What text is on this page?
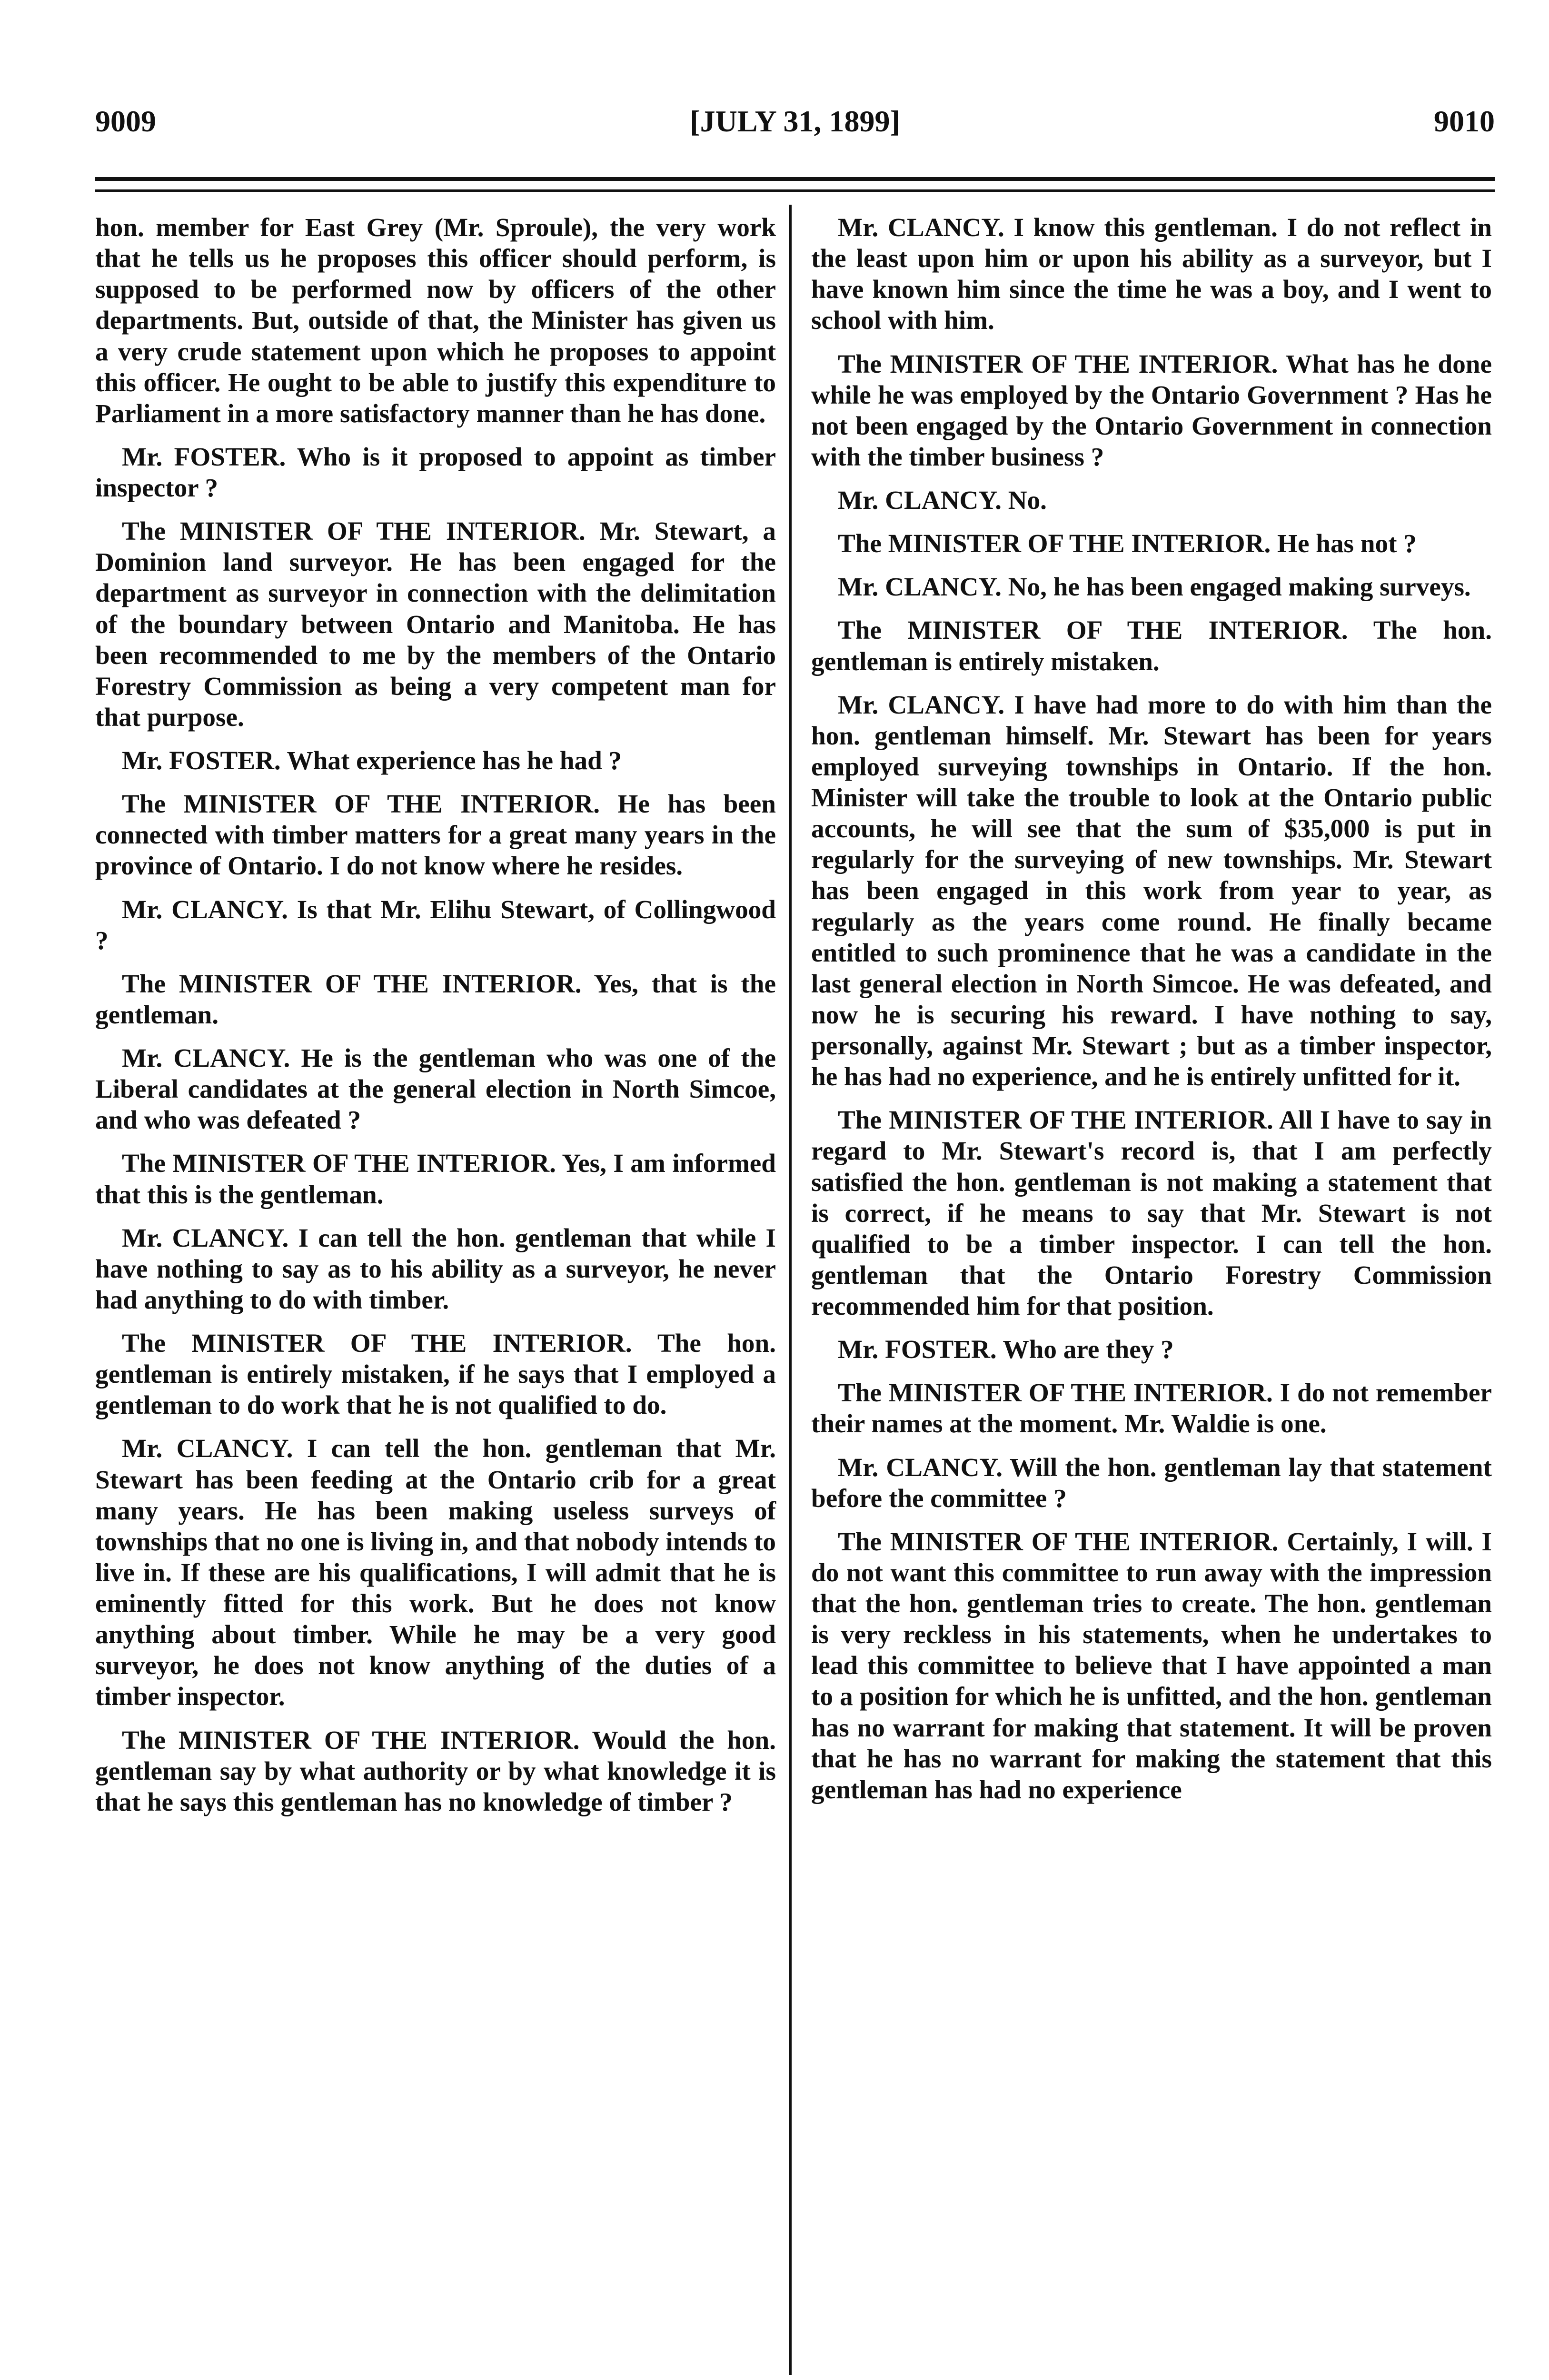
9009	[JULY 31, 1899]	9010

hon. member for East Grey (Mr. Sproule), the very work that he tells us he proposes this officer should perform, is supposed to be performed now by officers of the other departments. But, outside of that, the Minister has given us a very crude statement upon which he proposes to appoint this officer. He ought to be able to justify this expenditure to Parliament in a more satisfactory manner than he has done.

Mr. FOSTER. Who is it proposed to appoint as timber inspector ?

The MINISTER OF THE INTERIOR. Mr. Stewart, a Dominion land surveyor. He has been engaged for the department as surveyor in connection with the delimitation of the boundary between Ontario and Manitoba. He has been recommended to me by the members of the Ontario Forestry Commission as being a very competent man for that purpose.

Mr. FOSTER. What experience has he had ?

The MINISTER OF THE INTERIOR. He has been connected with timber matters for a great many years in the province of Ontario. I do not know where he resides.

Mr. CLANCY. Is that Mr. Elihu Stewart, of Collingwood ?

The MINISTER OF THE INTERIOR. Yes, that is the gentleman.

Mr. CLANCY. He is the gentleman who was one of the Liberal candidates at the general election in North Simcoe, and who was defeated ?

The MINISTER OF THE INTERIOR. Yes, I am informed that this is the gentleman.

Mr. CLANCY. I can tell the hon. gentleman that while I have nothing to say as to his ability as a surveyor, he never had anything to do with timber.

The MINISTER OF THE INTERIOR. The hon. gentleman is entirely mistaken, if he says that I employed a gentleman to do work that he is not qualified to do.

Mr. CLANCY. I can tell the hon. gentleman that Mr. Stewart has been feeding at the Ontario crib for a great many years. He has been making useless surveys of townships that no one is living in, and that nobody intends to live in. If these are his qualifications, I will admit that he is eminently fitted for this work. But he does not know anything about timber. While he may be a very good surveyor, he does not know anything of the duties of a timber inspector.

The MINISTER OF THE INTERIOR. Would the hon. gentleman say by what authority or by what knowledge it is that he says this gentleman has no knowledge of timber ?

Mr. CLANCY. I know this gentleman. I do not reflect in the least upon him or upon his ability as a surveyor, but I have known him since the time he was a boy, and I went to school with him.

The MINISTER OF THE INTERIOR. What has he done while he was employed by the Ontario Government ? Has he not been engaged by the Ontario Government in connection with the timber business ?

Mr. CLANCY. No.

The MINISTER OF THE INTERIOR. He has not ?

Mr. CLANCY. No, he has been engaged making surveys.

The MINISTER OF THE INTERIOR. The hon. gentleman is entirely mistaken.

Mr. CLANCY. I have had more to do with him than the hon. gentleman himself. Mr. Stewart has been for years employed surveying townships in Ontario. If the hon. Minister will take the trouble to look at the Ontario public accounts, he will see that the sum of $35,000 is put in regularly for the surveying of new townships. Mr. Stewart has been engaged in this work from year to year, as regularly as the years come round. He finally became entitled to such prominence that he was a candidate in the last general election in North Simcoe. He was defeated, and now he is securing his reward. I have nothing to say, personally, against Mr. Stewart ; but as a timber inspector, he has had no experience, and he is entirely unfitted for it.

The MINISTER OF THE INTERIOR. All I have to say in regard to Mr. Stewart's record is, that I am perfectly satisfied the hon. gentleman is not making a statement that is correct, if he means to say that Mr. Stewart is not qualified to be a timber inspector. I can tell the hon. gentleman that the Ontario Forestry Commission recommended him for that position.

Mr. FOSTER. Who are they ?

The MINISTER OF THE INTERIOR. I do not remember their names at the moment. Mr. Waldie is one.

Mr. CLANCY. Will the hon. gentleman lay that statement before the committee ?

The MINISTER OF THE INTERIOR. Certainly, I will. I do not want this committee to run away with the impression that the hon. gentleman tries to create. The hon. gentleman is very reckless in his statements, when he undertakes to lead this committee to believe that I have appointed a man to a position for which he is unfitted, and the hon. gentleman has no warrant for making that statement. It will be proven that he has no warrant for making the statement that this gentleman has had no experience
